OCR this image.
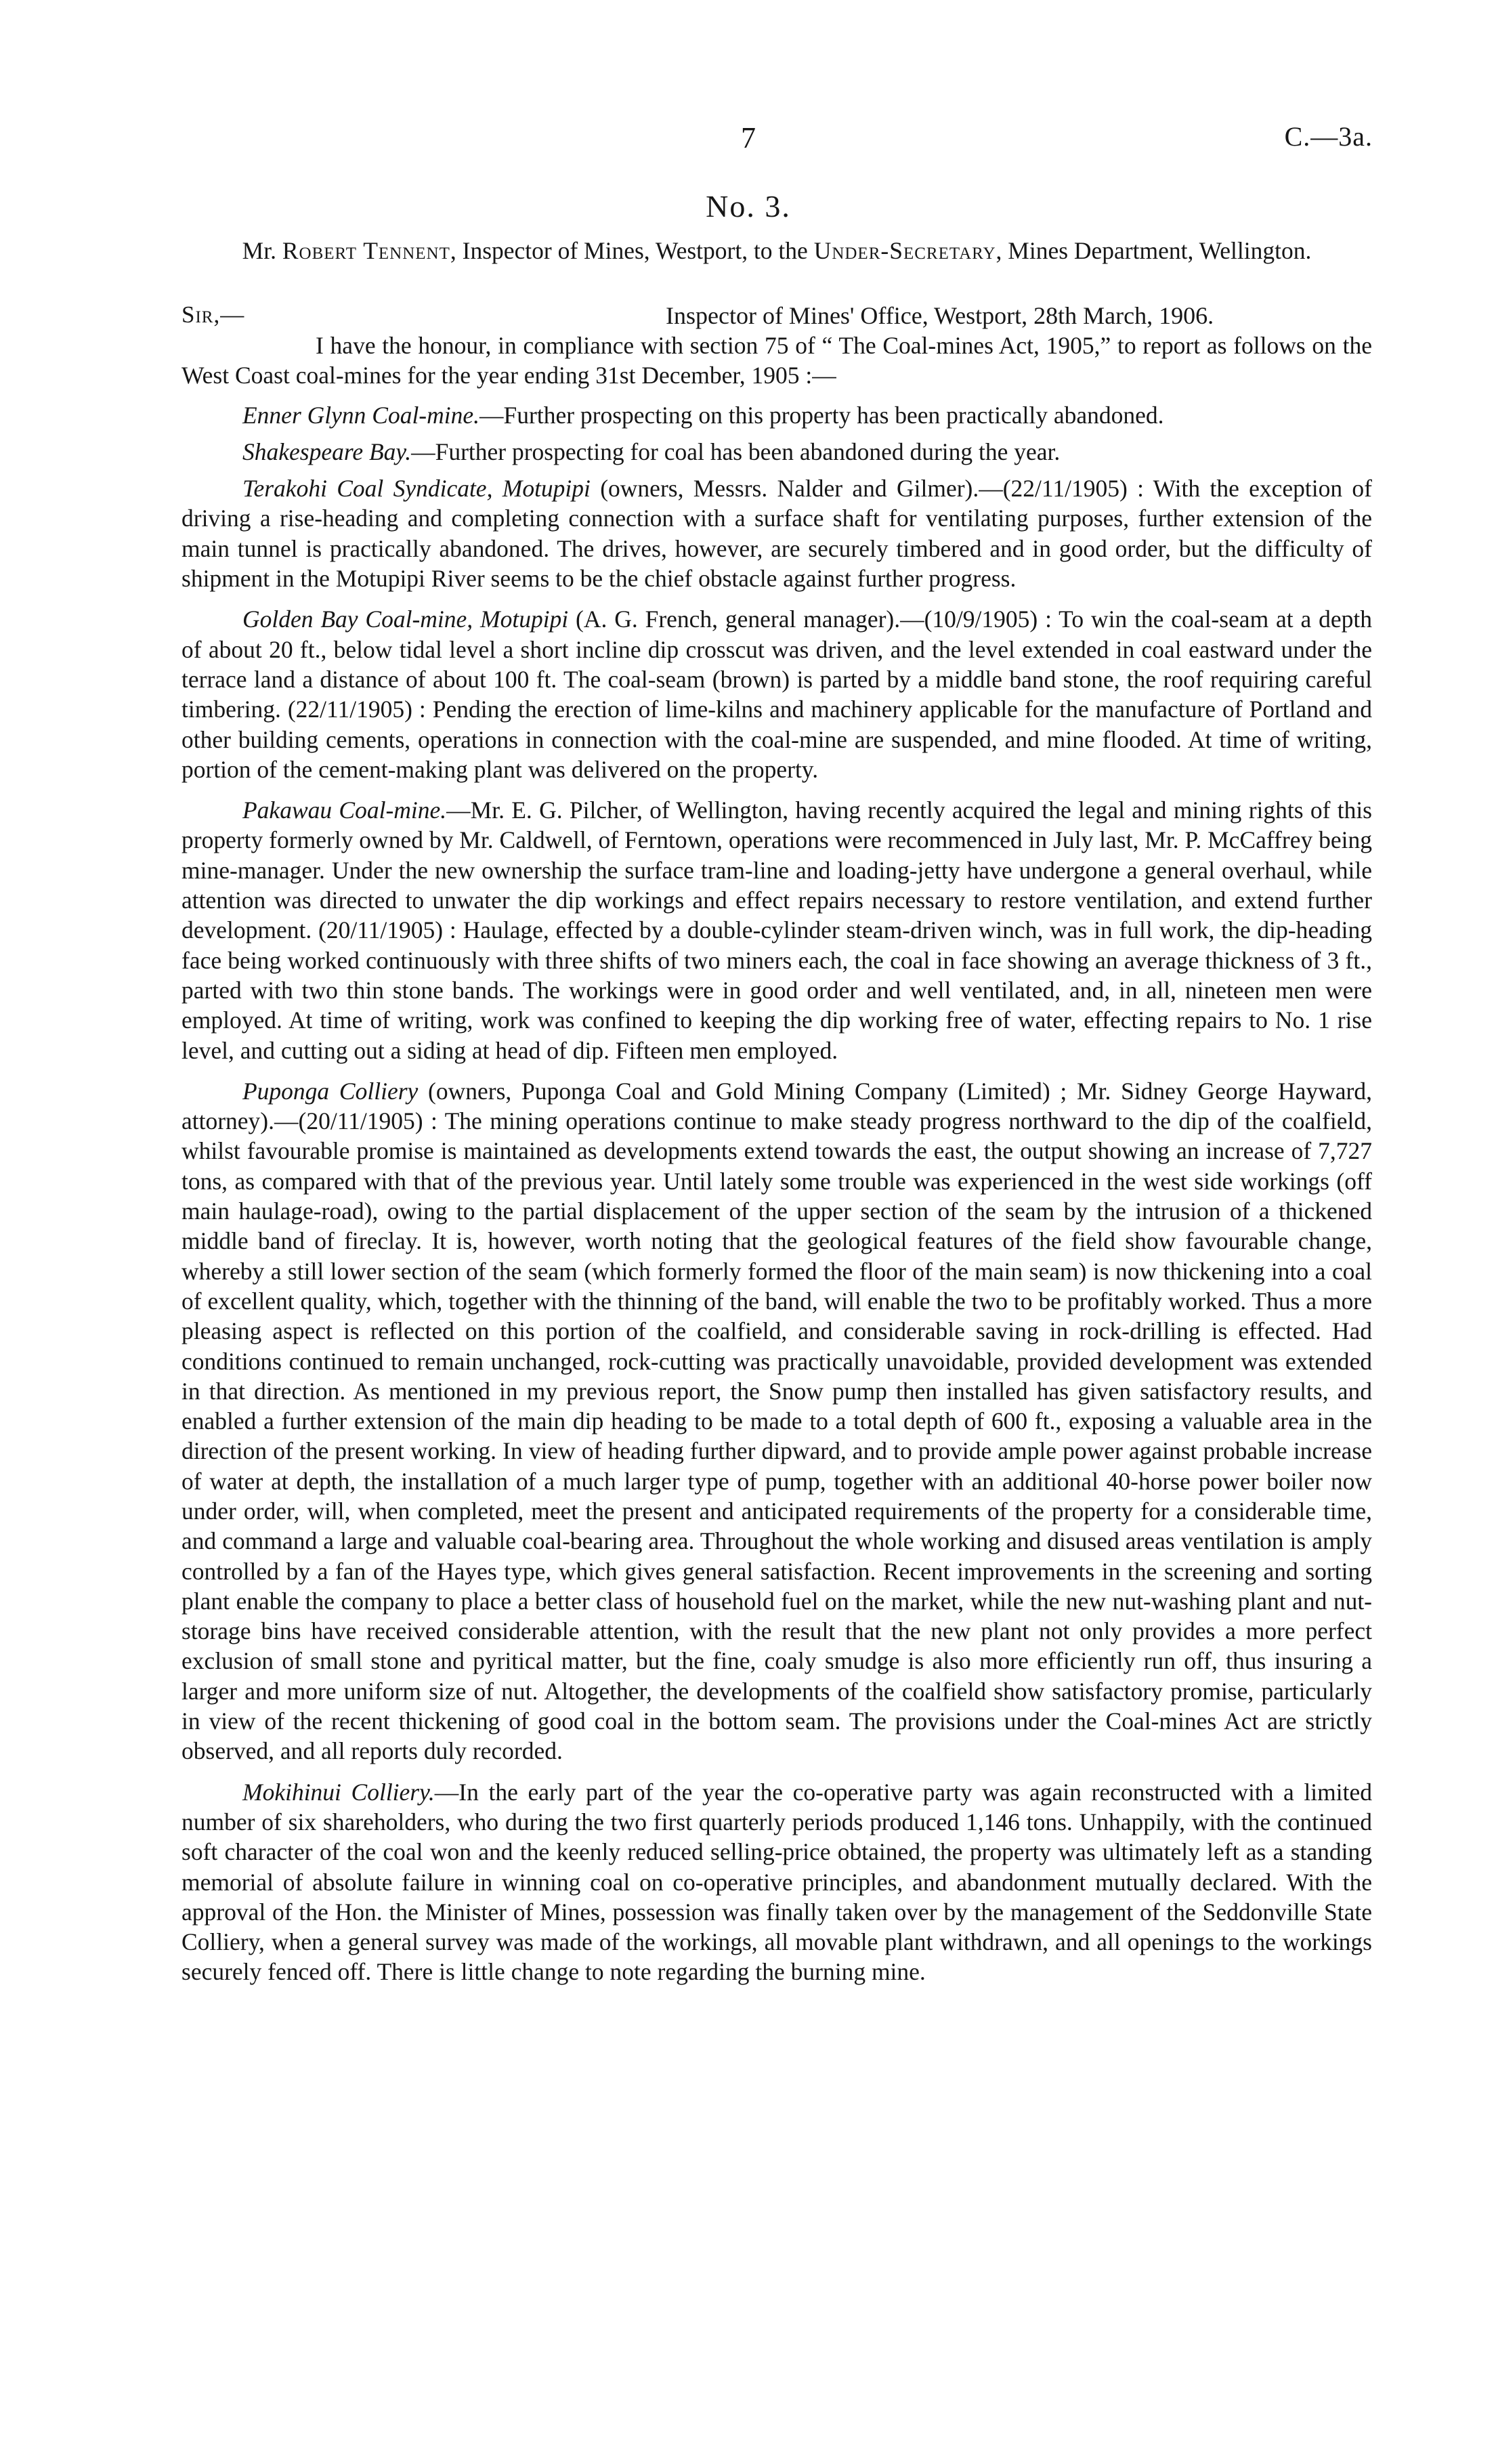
7	C.—3a.
No. 3.
Mr. Robert Tennent, Inspector of Mines, Westport, to the Under-Secretary, Mines Department, Wellington.
Sir,—	Inspector of Mines' Office, Westport, 28th March, 1906.

I have the honour, in compliance with section 75 of “ The Coal-mines Act, 1905,” to report as follows on the West Coast coal-mines for the year ending 31st December, 1905 :—

Enner Glynn Coal-mine.—Further prospecting on this property has been practically abandoned.

Shakespeare Bay.—Further prospecting for coal has been abandoned during the year.

Terakohi Coal Syndicate, Motupipi (owners, Messrs. Nalder and Gilmer).—(22/11/1905) : With the exception of driving a rise-heading and completing connection with a surface shaft for ventilating purposes, further extension of the main tunnel is practically abandoned. The drives, however, are securely timbered and in good order, but the difficulty of shipment in the Motupipi River seems to be the chief obstacle against further progress.

Golden Bay Coal-mine, Motupipi (A. G. French, general manager).—(10/9/1905) : To win the coal-seam at a depth of about 20 ft., below tidal level a short incline dip crosscut was driven, and the level extended in coal eastward under the terrace land a distance of about 100 ft. The coal-seam (brown) is parted by a middle band stone, the roof requiring careful timbering. (22/11/1905) : Pending the erection of lime-kilns and machinery applicable for the manufacture of Portland and other building cements, operations in connection with the coal-mine are suspended, and mine flooded. At time of writing, portion of the cement-making plant was delivered on the property.

Pakawau Coal-mine.—Mr. E. G. Pilcher, of Wellington, having recently acquired the legal and mining rights of this property formerly owned by Mr. Caldwell, of Ferntown, operations were recommenced in July last, Mr. P. McCaffrey being mine-manager. Under the new ownership the surface tram-line and loading-jetty have undergone a general overhaul, while attention was directed to unwater the dip workings and effect repairs necessary to restore ventilation, and extend further development. (20/11/1905) : Haulage, effected by a double-cylinder steam-driven winch, was in full work, the dip-heading face being worked continuously with three shifts of two miners each, the coal in face showing an average thickness of 3 ft., parted with two thin stone bands. The workings were in good order and well ventilated, and, in all, nineteen men were employed. At time of writing, work was confined to keeping the dip working free of water, effecting repairs to No. 1 rise level, and cutting out a siding at head of dip. Fifteen men employed.

Puponga Colliery (owners, Puponga Coal and Gold Mining Company (Limited) ; Mr. Sidney George Hayward, attorney).—(20/11/1905) : The mining operations continue to make steady progress northward to the dip of the coalfield, whilst favourable promise is maintained as developments extend towards the east, the output showing an increase of 7,727 tons, as compared with that of the previous year. Until lately some trouble was experienced in the west side workings (off main haulage-road), owing to the partial displacement of the upper section of the seam by the intrusion of a thickened middle band of fireclay. It is, however, worth noting that the geological features of the field show favourable change, whereby a still lower section of the seam (which formerly formed the floor of the main seam) is now thickening into a coal of excellent quality, which, together with the thinning of the band, will enable the two to be profitably worked. Thus a more pleasing aspect is reflected on this portion of the coalfield, and considerable saving in rock-drilling is effected. Had conditions continued to remain unchanged, rock-cutting was practically unavoidable, provided development was extended in that direction. As mentioned in my previous report, the Snow pump then installed has given satisfactory results, and enabled a further extension of the main dip heading to be made to a total depth of 600 ft., exposing a valuable area in the direction of the present working. In view of heading further dipward, and to provide ample power against probable increase of water at depth, the installation of a much larger type of pump, together with an additional 40-horse power boiler now under order, will, when completed, meet the present and anticipated requirements of the property for a considerable time, and command a large and valuable coal-bearing area. Throughout the whole working and disused areas ventilation is amply controlled by a fan of the Hayes type, which gives general satisfaction. Recent improvements in the screening and sorting plant enable the company to place a better class of household fuel on the market, while the new nut-washing plant and nut-storage bins have received considerable attention, with the result that the new plant not only provides a more perfect exclusion of small stone and pyritical matter, but the fine, coaly smudge is also more efficiently run off, thus insuring a larger and more uniform size of nut. Altogether, the developments of the coalfield show satisfactory promise, particularly in view of the recent thickening of good coal in the bottom seam. The provisions under the Coal-mines Act are strictly observed, and all reports duly recorded.

Mokihinui Colliery.—In the early part of the year the co-operative party was again reconstructed with a limited number of six shareholders, who during the two first quarterly periods produced 1,146 tons. Unhappily, with the continued soft character of the coal won and the keenly reduced selling-price obtained, the property was ultimately left as a standing memorial of absolute failure in winning coal on co-operative principles, and abandonment mutually declared. With the approval of the Hon. the Minister of Mines, possession was finally taken over by the management of the Seddonville State Colliery, when a general survey was made of the workings, all movable plant withdrawn, and all openings to the workings securely fenced off. There is little change to note regarding the burning mine.
